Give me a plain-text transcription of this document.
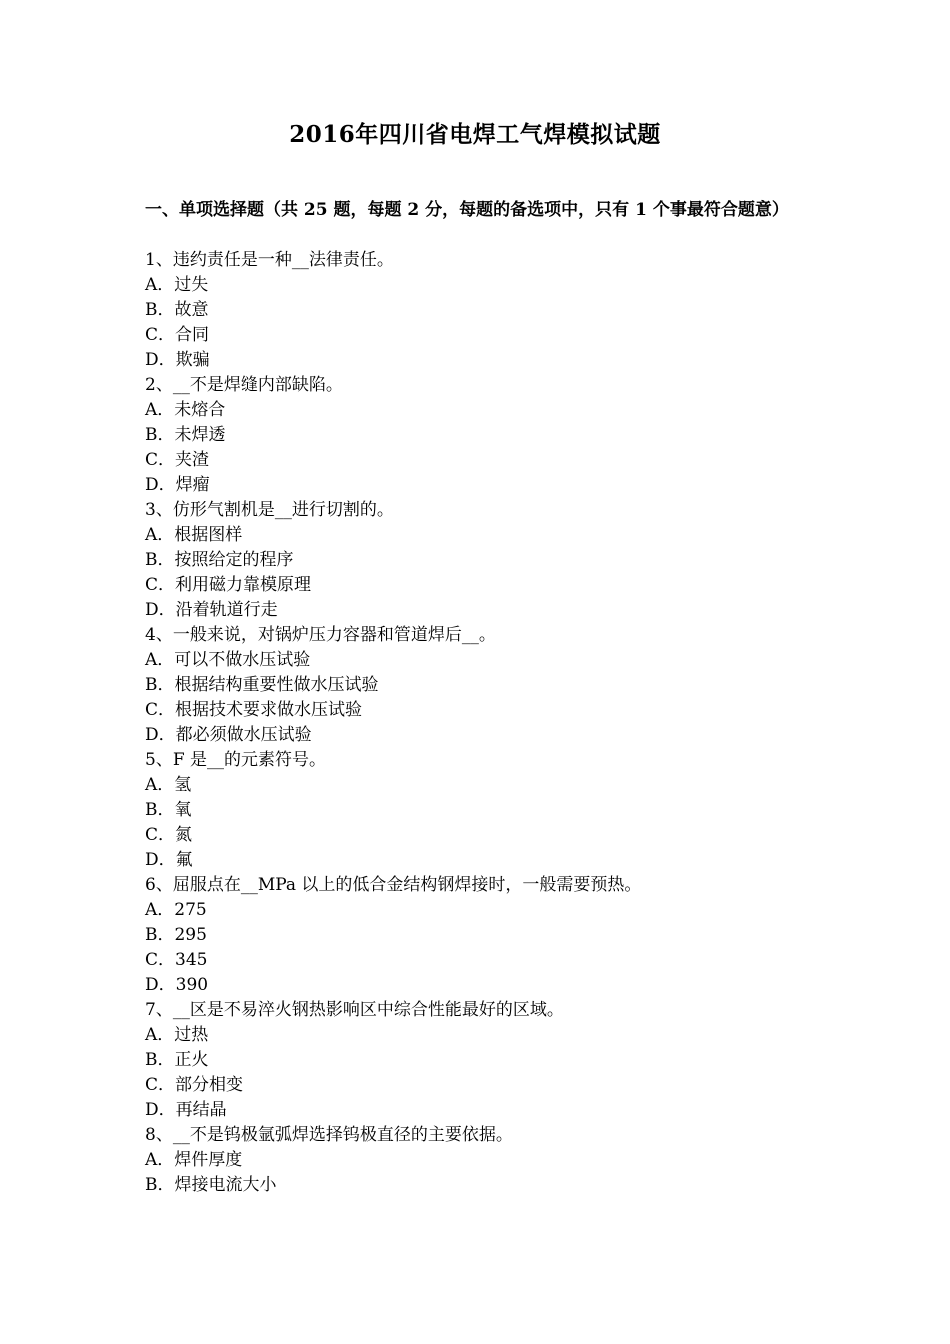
2016年四川省电焊工气焊模拟试题
一、单项选择题（共 25 题，每题 2 分，每题的备选项中，只有 1 个事最符合题意）
1、违约责任是一种__法律责任。
A．过失
B．故意
C．合同
D．欺骗
2、__不是焊缝内部缺陷。
A．未熔合
B．未焊透
C．夹渣
D．焊瘤
3、仿形气割机是__进行切割的。
A．根据图样
B．按照给定的程序
C．利用磁力靠模原理
D．沿着轨道行走
4、一般来说，对锅炉压力容器和管道焊后__。
A．可以不做水压试验
B．根据结构重要性做水压试验
C．根据技术要求做水压试验
D．都必须做水压试验
5、F 是__的元素符号。
A．氢
B．氧
C．氮
D．氟
6、屈服点在__MPa 以上的低合金结构钢焊接时，一般需要预热。
A．275
B．295
C．345
D．390
7、__区是不易淬火钢热影响区中综合性能最好的区域。
A．过热
B．正火
C．部分相变
D．再结晶
8、__不是钨极氩弧焊选择钨极直径的主要依据。
A．焊件厚度
B．焊接电流大小
